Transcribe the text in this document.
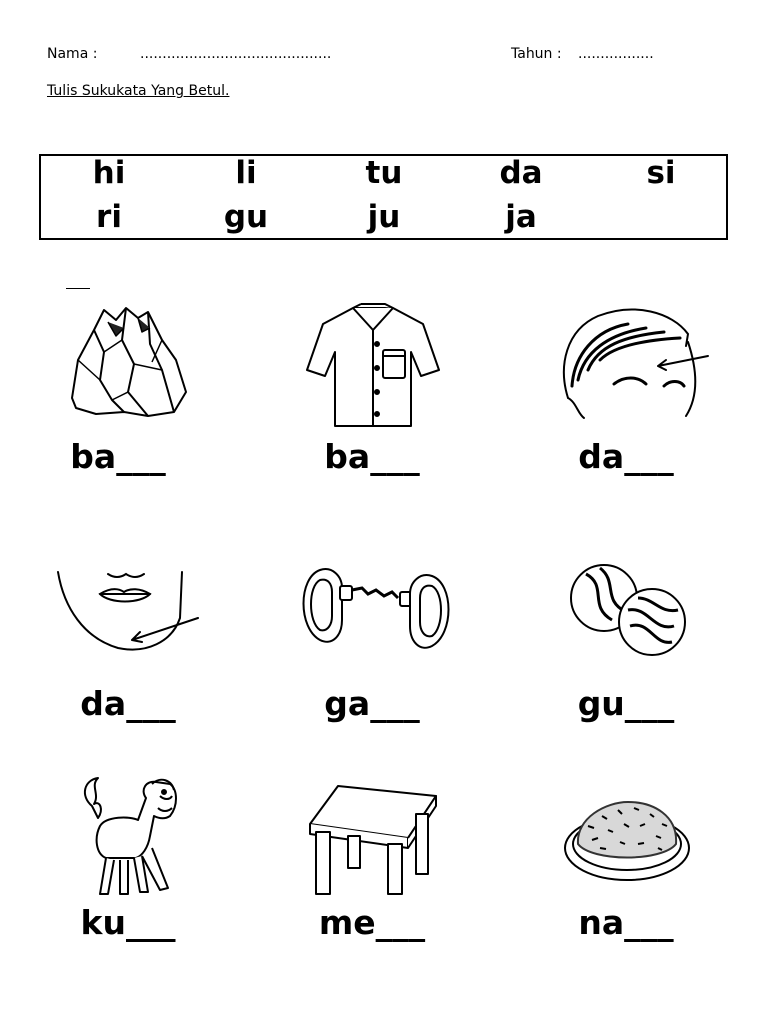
Nama :	...........................................	Tahun : .................
Tulis Sukukata Yang Betul.
hi	li	tu	da	si
ri	gu	ju	ja
ba___	ba___	da___
da___	ga___	gu___
ku___	me___	na___
